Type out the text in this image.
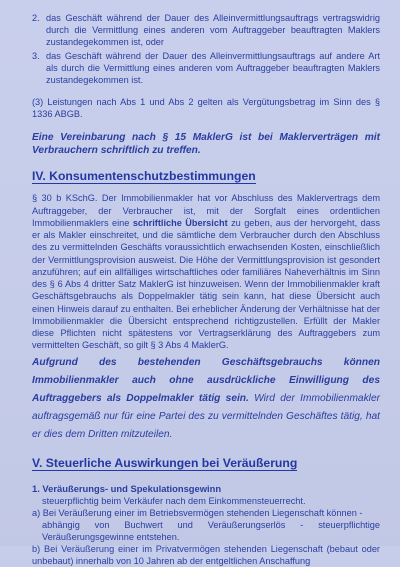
2. das Geschäft während der Dauer des Alleinvermittlungsauftrags vertragswidrig durch die Vermittlung eines anderen vom Auftraggeber beauftragten Maklers zustandegekommen ist, oder
3. das Geschäft während der Dauer des Alleinvermittlungsauftrags auf andere Art als durch die Vermittlung eines anderen vom Auftraggeber beauftragten Maklers zustandegekommen ist.

(3) Leistungen nach Abs 1 und Abs 2 gelten als Vergütungsbetrag im Sinn des § 1336 ABGB.

Eine Vereinbarung nach § 15 MaklerG ist bei Maklerverträgen mit Verbrauchern schriftlich zu treffen.

IV. Konsumentenschutzbestimmungen

§ 30 b KSchG. Der Immobilienmakler hat vor Abschluss des Maklervertrags dem Auftraggeber, der Verbraucher ist, mit der Sorgfalt eines ordentlichen Immobilienmaklers eine schriftliche Übersicht zu geben, aus der hervorgeht, dass er als Makler einschreitet, und die sämtliche dem Verbraucher durch den Abschluss des zu vermittelnden Geschäfts voraussichtlich erwachsenden Kosten, einschließlich der Vermittlungsprovision ausweist. Die Höhe der Vermittlungsprovision ist gesondert anzuführen; auf ein allfälliges wirtschaftliches oder familiäres Naheverhältnis im Sinn des § 6 Abs 4 dritter Satz MaklerG ist hinzuweisen. Wenn der Immobilienmakler kraft Geschäftsgebrauchs als Doppelmakler tätig sein kann, hat diese Übersicht auch einen Hinweis darauf zu enthalten. Bei erheblicher Änderung der Verhältnisse hat der Immobilienmakler die Übersicht entsprechend richtigzustellen. Erfüllt der Makler diese Pflichten nicht spätestens vor Vertragserklärung des Auftraggebers zum vermittelten Geschäft, so gilt § 3 Abs 4 MaklerG.

Aufgrund des bestehenden Geschäftsgebrauchs können Immobilienmakler auch ohne ausdrückliche Einwilligung des Auftraggebers als Doppelmakler tätig sein. Wird der Immobilienmakler auftragsgemäß nur für eine Partei des zu vermittelnden Geschäftes tätig, hat er dies dem Dritten mitzuteilen.

V. Steuerliche Auswirkungen bei Veräußerung
1. Veräußerungs- und Spekulationsgewinn
steuerpflichtig beim Verkäufer nach dem Einkommensteuerrecht.
a) Bei Veräußerung einer im Betriebsvermögen stehenden Liegenschaft können -
abhängig von Buchwert und Veräußerungserlös - steuerpflichtige Veräußerungsgewinne entstehen.
b) Bei Veräußerung einer im Privatvermögen stehenden Liegenschaft (bebaut oder unbebaut) innerhalb von 10 Jahren ab der entgeltlichen Anschaffung
